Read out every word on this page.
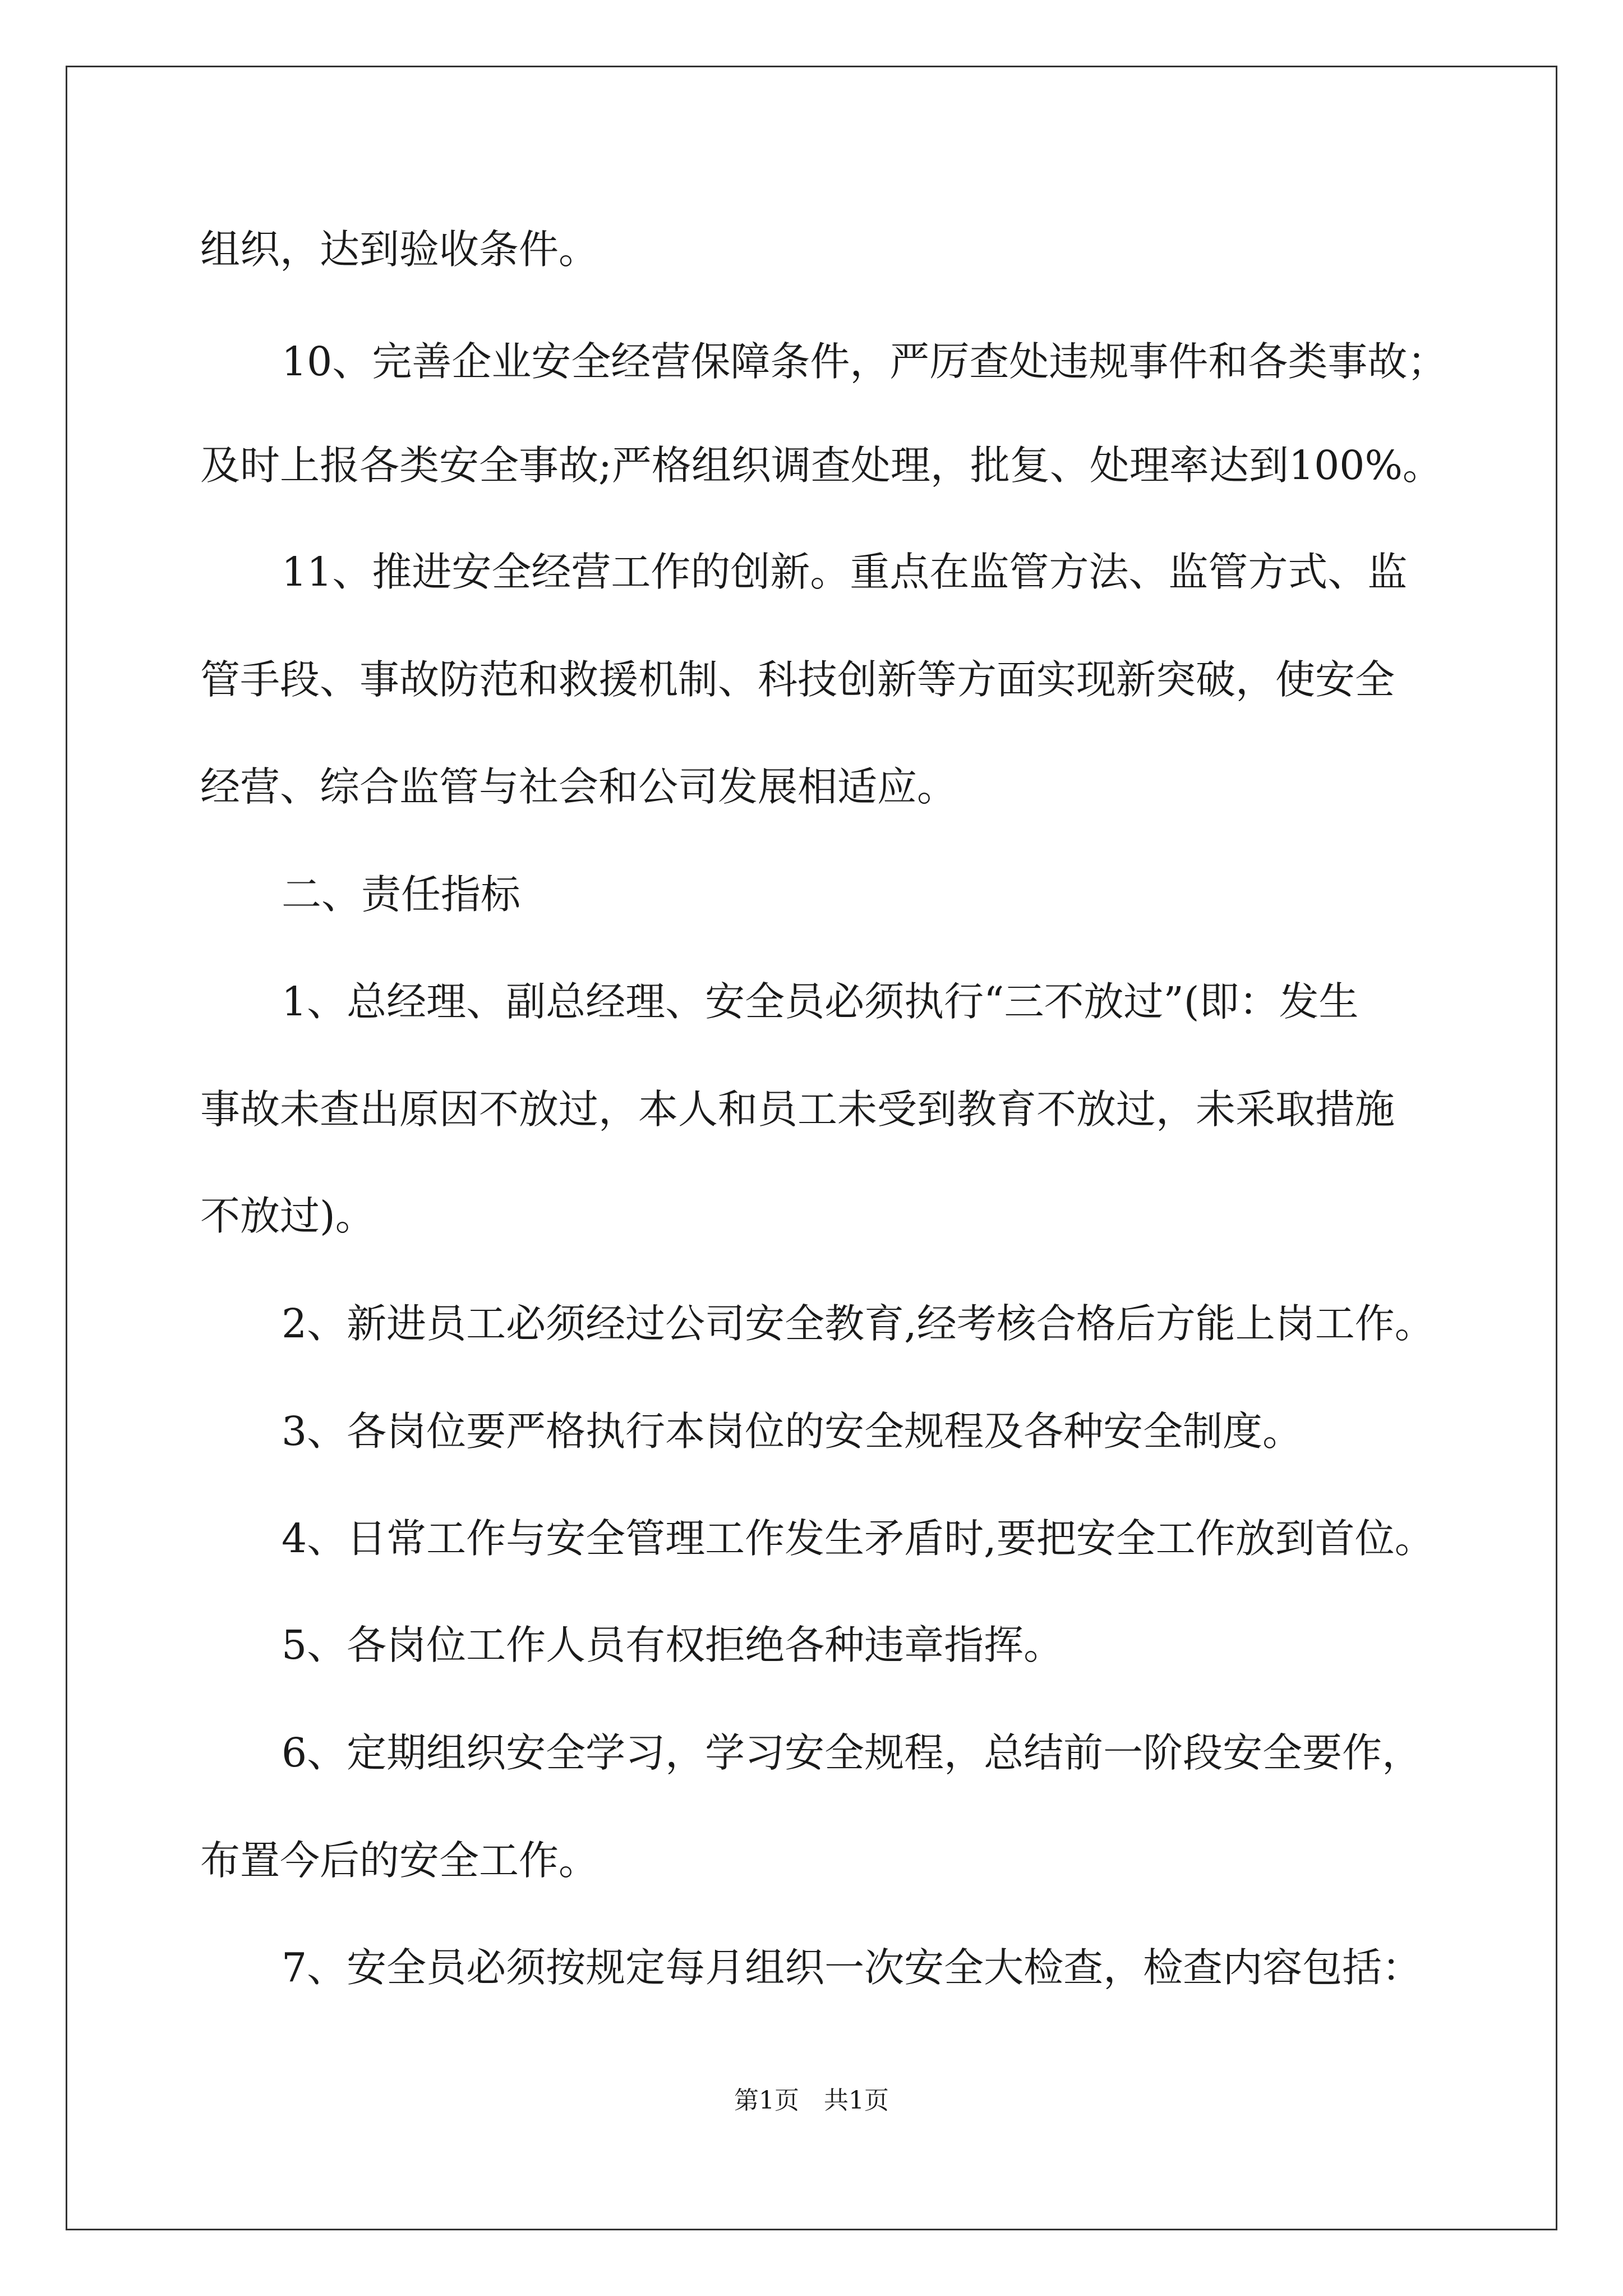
组织，达到验收条件。

10、完善企业安全经营保障条件，严厉查处违规事件和各类事故；

及时上报各类安全事故;严格组织调查处理，批复、处理率达到100%。

11、推进安全经营工作的创新。重点在监管方法、监管方式、监

管手段、事故防范和救援机制、科技创新等方面实现新突破，使安全

经营、综合监管与社会和公司发展相适应。

二、责任指标

1、总经理、副总经理、安全员必须执行“三不放过”(即：发生

事故未查出原因不放过，本人和员工未受到教育不放过，未采取措施

不放过)。

2、新进员工必须经过公司安全教育,经考核合格后方能上岗工作。

3、各岗位要严格执行本岗位的安全规程及各种安全制度。

4、日常工作与安全管理工作发生矛盾时,要把安全工作放到首位。

5、各岗位工作人员有权拒绝各种违章指挥。

6、定期组织安全学习，学习安全规程，总结前一阶段安全要作，

布置今后的安全工作。

7、安全员必须按规定每月组织一次安全大检查，检查内容包括：

第1页　共1页
